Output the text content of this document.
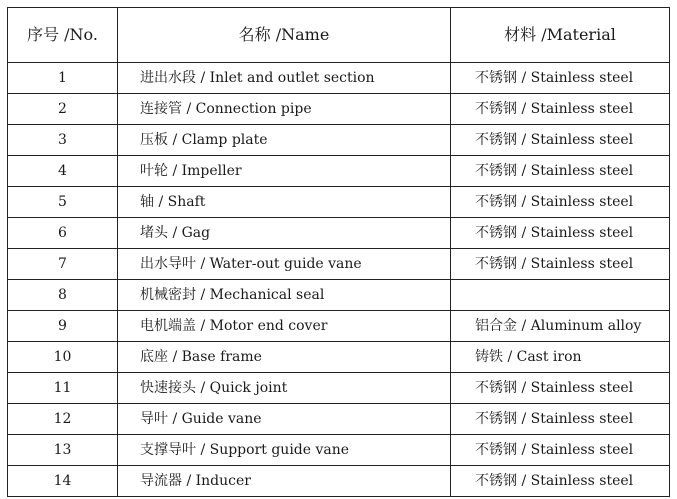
序号 /No.	名称 /Name	材料 /Material
1	进出水段 / Inlet and outlet section	不锈钢 / Stainless steel
2	连接管 / Connection pipe	不锈钢 / Stainless steel
3	压板 / Clamp plate	不锈钢 / Stainless steel
4	叶轮 / Impeller	不锈钢 / Stainless steel
5	轴 / Shaft	不锈钢 / Stainless steel
6	堵头 / Gag	不锈钢 / Stainless steel
7	出水导叶 / Water-out guide vane	不锈钢 / Stainless steel
8	机械密封 / Mechanical seal	
9	电机端盖 / Motor end cover	铝合金 / Aluminum alloy
10	底座 / Base frame	铸铁 / Cast iron
11	快速接头 / Quick joint	不锈钢 / Stainless steel
12	导叶 / Guide vane	不锈钢 / Stainless steel
13	支撑导叶 / Support guide vane	不锈钢 / Stainless steel
14	导流器 / Inducer	不锈钢 / Stainless steel
